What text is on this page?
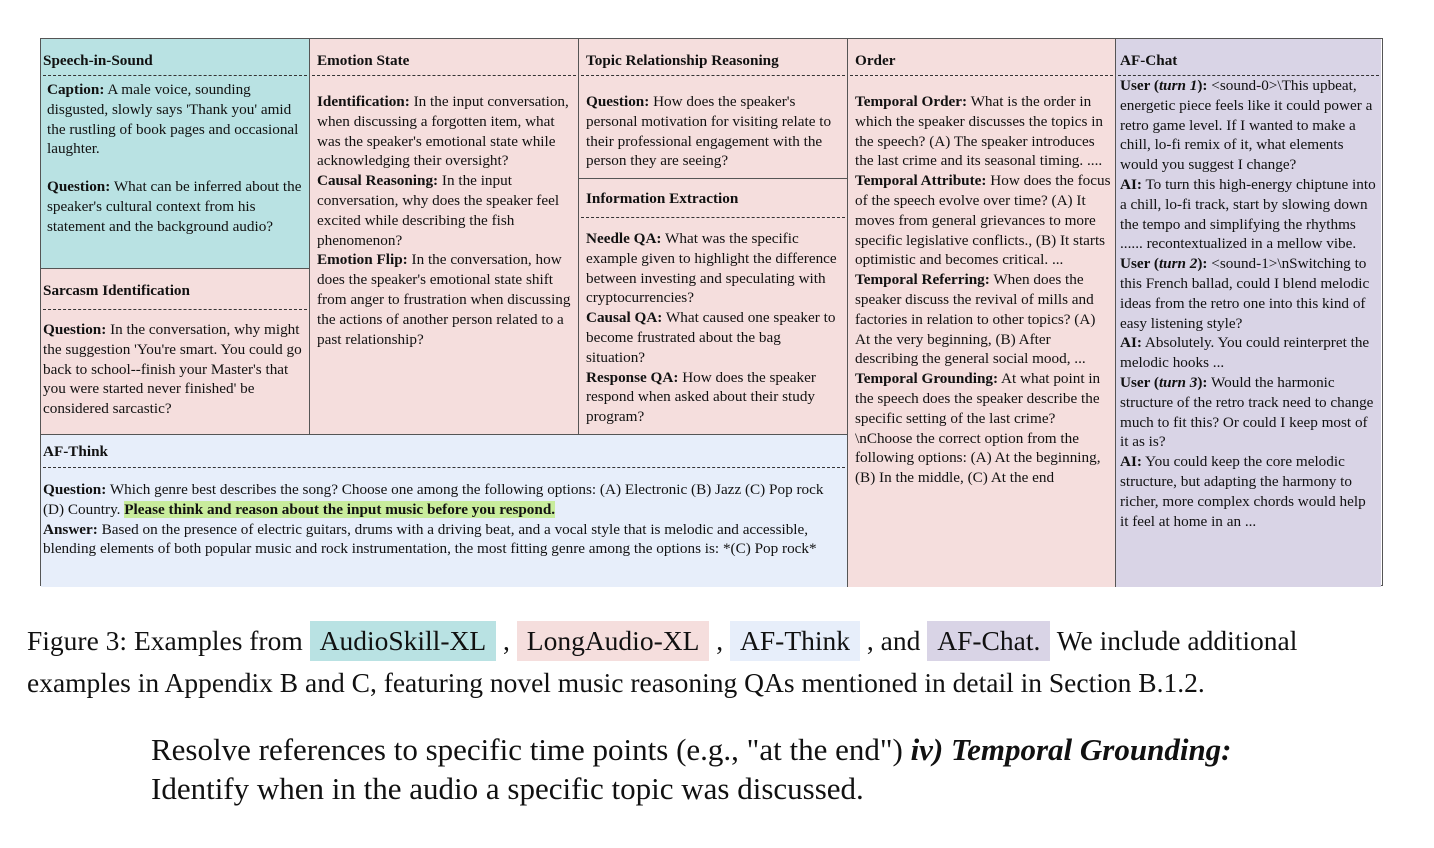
Speech-in-Sound

Caption: A male voice, sounding disgusted, slowly says 'Thank you' amid the rustling of book pages and occasional laughter.

Question: What can be inferred about the speaker's cultural context from his statement and the background audio?

Sarcasm Identification

Question: In the conversation, why might the suggestion 'You're smart. You could go back to school--finish your Master's that you were started never finished' be considered sarcastic?

Emotion State

Identification: In the input conversation, when discussing a forgotten item, what was the speaker's emotional state while acknowledging their oversight?

Causal Reasoning: In the input conversation, why does the speaker feel excited while describing the fish phenomenon?

Emotion Flip: In the conversation, how does the speaker's emotional state shift from anger to frustration when discussing the actions of another person related to a past relationship?

Topic Relationship Reasoning

Question: How does the speaker's personal motivation for visiting relate to their professional engagement with the person they are seeing?

Information Extraction

Needle QA: What was the specific example given to highlight the difference between investing and speculating with cryptocurrencies?

Causal QA: What caused one speaker to become frustrated about the bag situation?

Response QA: How does the speaker respond when asked about their study program?

Order

Temporal Order: What is the order in which the speaker discusses the topics in the speech? (A) The speaker introduces the last crime and its seasonal timing. ....

Temporal Attribute: How does the focus of the speech evolve over time? (A) It moves from general grievances to more specific legislative conflicts., (B) It starts optimistic and becomes critical. ...

Temporal Referring: When does the speaker discuss the revival of mills and factories in relation to other topics? (A) At the very beginning, (B) After describing the general social mood, ...

Temporal Grounding: At what point in the speech does the speaker describe the specific setting of the last crime?\nChoose the correct option from the following options: (A) At the beginning, (B) In the middle, (C) At the end

AF-Chat

User (turn 1): <sound-0>\This upbeat, energetic piece feels like it could power a retro game level. If I wanted to make a chill, lo-fi remix of it, what elements would you suggest I change?

AI: To turn this high-energy chiptune into a chill, lo-fi track, start by slowing down the tempo and simplifying the rhythms ...... recontextualized in a mellow vibe.

User (turn 2): <sound-1>\nSwitching to this French ballad, could I blend melodic ideas from the retro one into this kind of easy listening style?

AI: Absolutely. You could reinterpret the melodic hooks ...

User (turn 3): Would the harmonic structure of the retro track need to change much to fit this? Or could I keep most of it as is?

AI: You could keep the core melodic structure, but adapting the harmony to richer, more complex chords would help it feel at home in an ...

AF-Think

Question: Which genre best describes the song? Choose one among the following options: (A) Electronic (B) Jazz (C) Pop rock (D) Country. Please think and reason about the input music before you respond.

Answer: Based on the presence of electric guitars, drums with a driving beat, and a vocal style that is melodic and accessible, blending elements of both popular music and rock instrumentation, the most fitting genre among the options is: *(C) Pop rock*

Figure 3: Examples from AudioSkill-XL , LongAudio-XL , AF-Think , and AF-Chat. We include additional examples in Appendix B and C, featuring novel music reasoning QAs mentioned in detail in Section B.1.2.
Resolve references to specific time points (e.g., "at the end") iv) Temporal Grounding:
Identify when in the audio a specific topic was discussed.
